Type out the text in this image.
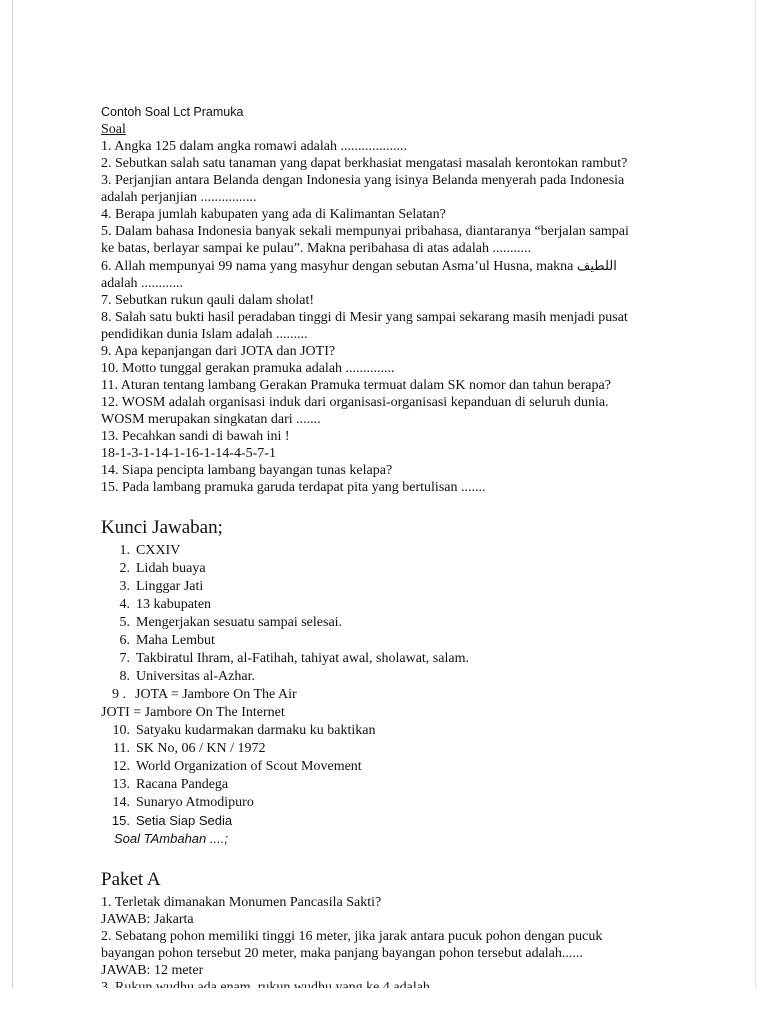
Contoh Soal Lct Pramuka
Soal
1. Angka 125 dalam angka romawi adalah ...................
2. Sebutkan salah satu tanaman yang dapat berkhasiat mengatasi masalah kerontokan rambut?
3. Perjanjian antara Belanda dengan Indonesia yang isinya Belanda menyerah pada Indonesia
adalah perjanjian ................
4. Berapa jumlah kabupaten yang ada di Kalimantan Selatan?
5. Dalam bahasa Indonesia banyak sekali mempunyai pribahasa, diantaranya “berjalan sampai
ke batas, berlayar sampai ke pulau”. Makna peribahasa di atas adalah ...........
6. Allah mempunyai 99 nama yang masyhur dengan sebutan Asma’ul Husna, makna اللطيف
adalah ............
7. Sebutkan rukun qauli dalam sholat!
8. Salah satu bukti hasil peradaban tinggi di Mesir yang sampai sekarang masih menjadi pusat
pendidikan dunia Islam adalah .........
9. Apa kepanjangan dari JOTA dan JOTI?
10. Motto tunggal gerakan pramuka adalah ..............
11. Aturan tentang lambang Gerakan Pramuka termuat dalam SK nomor dan tahun berapa?
12. WOSM adalah organisasi induk dari organisasi-organisasi kepanduan di seluruh dunia.
WOSM merupakan singkatan dari .......
13. Pecahkan sandi di bawah ini !
18-1-3-1-14-1-16-1-14-4-5-7-1
14. Siapa pencipta lambang bayangan tunas kelapa?
15. Pada lambang pramuka garuda terdapat pita yang bertulisan .......
Kunci Jawaban;
1. CXXIV
2. Lidah buaya
3. Linggar Jati
4. 13 kabupaten
5. Mengerjakan sesuatu sampai selesai.
6. Maha Lembut
7. Takbiratul Ihram, al-Fatihah, tahiyat awal, sholawat, salam.
8. Universitas al-Azhar.
9 . JOTA = Jambore On The Air
JOTI = Jambore On The Internet
10. Satyaku kudarmakan darmaku ku baktikan
11. SK No, 06 / KN / 1972
12. World Organization of Scout Movement
13. Racana Pandega
14. Sunaryo Atmodipuro
15. Setia Siap Sedia
Soal TAmbahan ....;
Paket A
1. Terletak dimanakan Monumen Pancasila Sakti?
JAWAB: Jakarta
2. Sebatang pohon memiliki tinggi 16 meter, jika jarak antara pucuk pohon dengan pucuk
bayangan pohon tersebut 20 meter, maka panjang bayangan pohon tersebut adalah......
JAWAB: 12 meter
